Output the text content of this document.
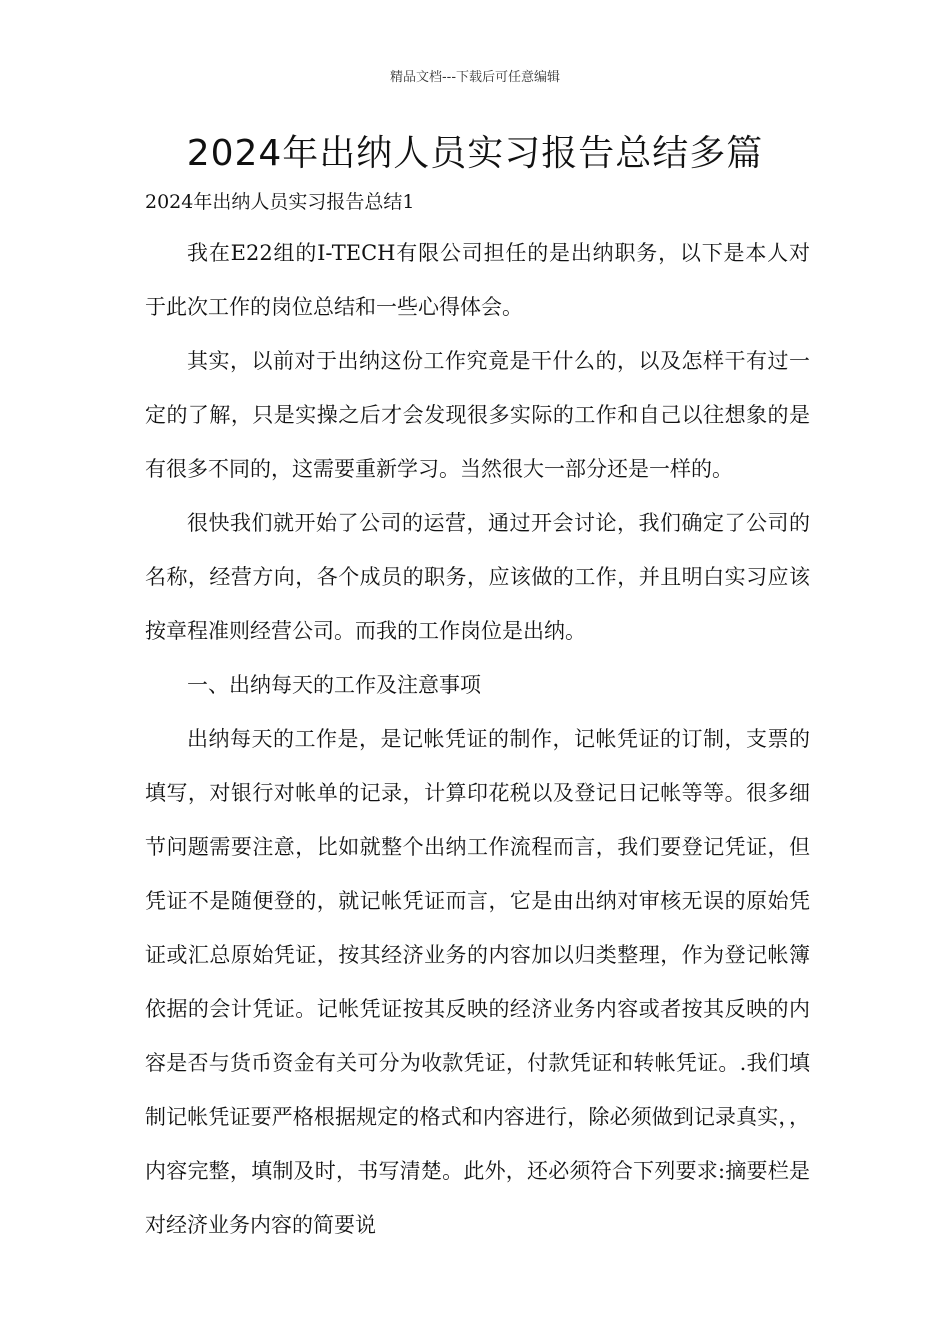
精品文档---下载后可任意编辑
2024年出纳人员实习报告总结多篇

2024年出纳人员实习报告总结1

我在E22组的I-TECH有限公司担任的是出纳职务，以下是本人对于此次工作的岗位总结和一些心得体会。

其实，以前对于出纳这份工作究竟是干什么的，以及怎样干有过一定的了解，只是实操之后才会发现很多实际的工作和自己以往想象的是有很多不同的，这需要重新学习。当然很大一部分还是一样的。

很快我们就开始了公司的运营，通过开会讨论，我们确定了公司的名称，经营方向，各个成员的职务，应该做的工作，并且明白实习应该按章程准则经营公司。而我的工作岗位是出纳。

一、出纳每天的工作及注意事项

出纳每天的工作是，是记帐凭证的制作，记帐凭证的订制，支票的填写，对银行对帐单的记录，计算印花税以及登记日记帐等等。很多细节问题需要注意，比如就整个出纳工作流程而言，我们要登记凭证，但凭证不是随便登的，就记帐凭证而言，它是由出纳对审核无误的原始凭证或汇总原始凭证，按其经济业务的内容加以归类整理，作为登记帐簿依据的会计凭证。记帐凭证按其反映的经济业务内容或者按其反映的内容是否与货币资金有关可分为收款凭证，付款凭证和转帐凭证。.我们填制记帐凭证要严格根据规定的格式和内容进行，除必须做到记录真实，，内容完整，填制及时，书写清楚。此外，还必须符合下列要求:摘要栏是对经济业务内容的简要说
